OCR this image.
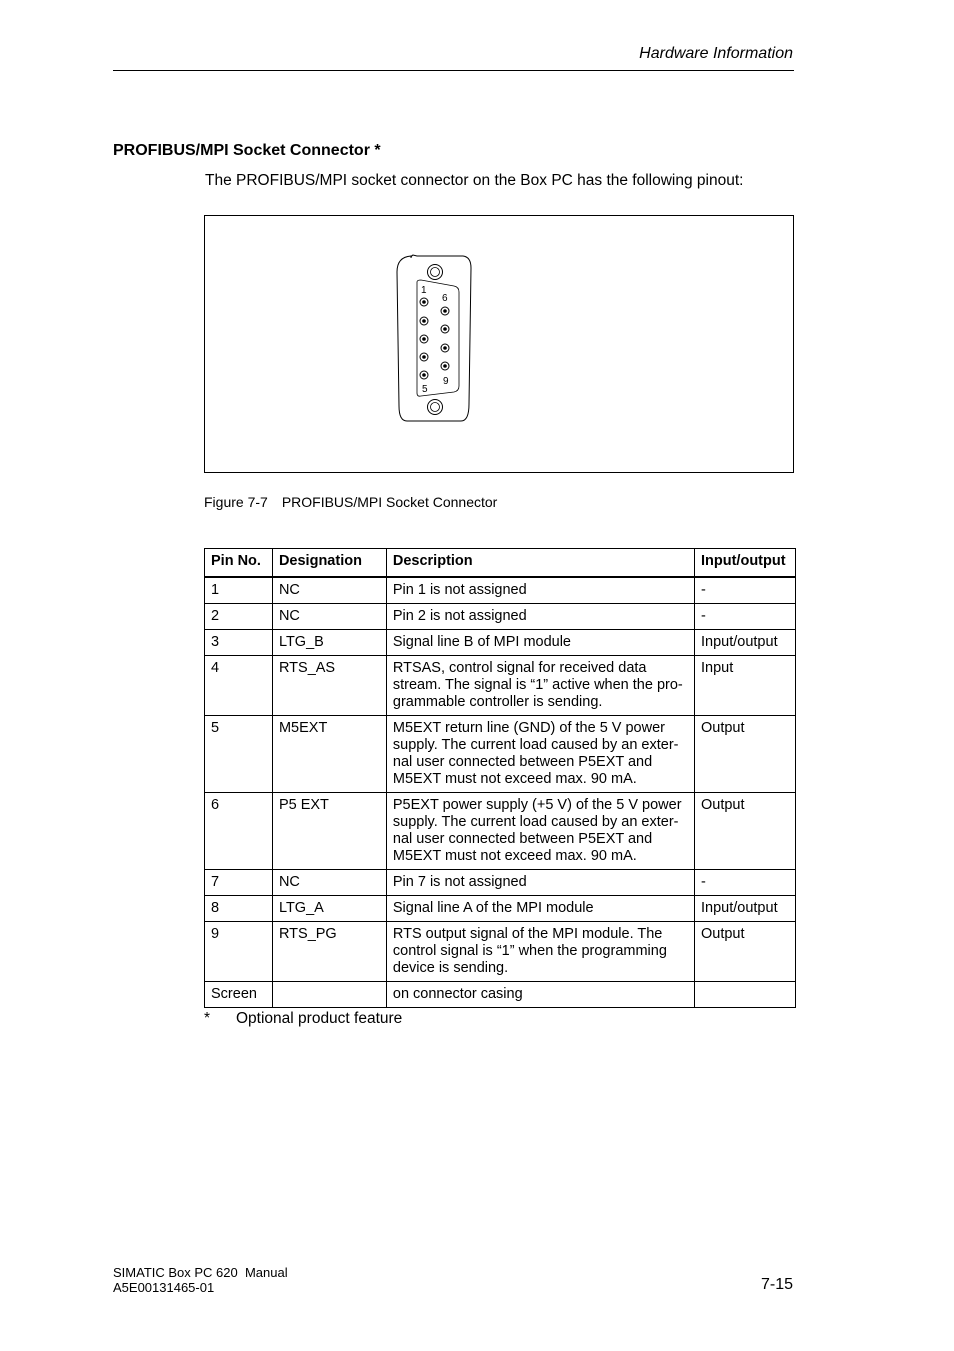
Hardware Information
PROFIBUS/MPI Socket Connector *
The PROFIBUS/MPI socket connector on the Box PC has the following pinout:
1
6
5
9
Figure 7-7 PROFIBUS/MPI Socket Connector
Pin No.	Designation	Description	Input/output
1	NC	Pin 1 is not assigned	-
2	NC	Pin 2 is not assigned	-
3	LTG_B	Signal line B of MPI module	Input/output
4	RTS_AS	RTSAS, control signal for received data stream. The signal is “1” active when the pro-grammable controller is sending.	Input
5	M5EXT	M5EXT return line (GND) of the 5 V power supply. The current load caused by an exter-nal user connected between P5EXT and M5EXT must not exceed max. 90 mA.	Output
6	P5 EXT	P5EXT power supply (+5 V) of the 5 V power supply. The current load caused by an exter-nal user connected between P5EXT and M5EXT must not exceed max. 90 mA.	Output
7	NC	Pin 7 is not assigned	-
8	LTG_A	Signal line A of the MPI module	Input/output
9	RTS_PG	RTS output signal of the MPI module. The control signal is “1” when the programming device is sending.	Output
Screen		on connector casing	
* Optional product feature
SIMATIC Box PC 620  Manual
A5E00131465-01	7-15
